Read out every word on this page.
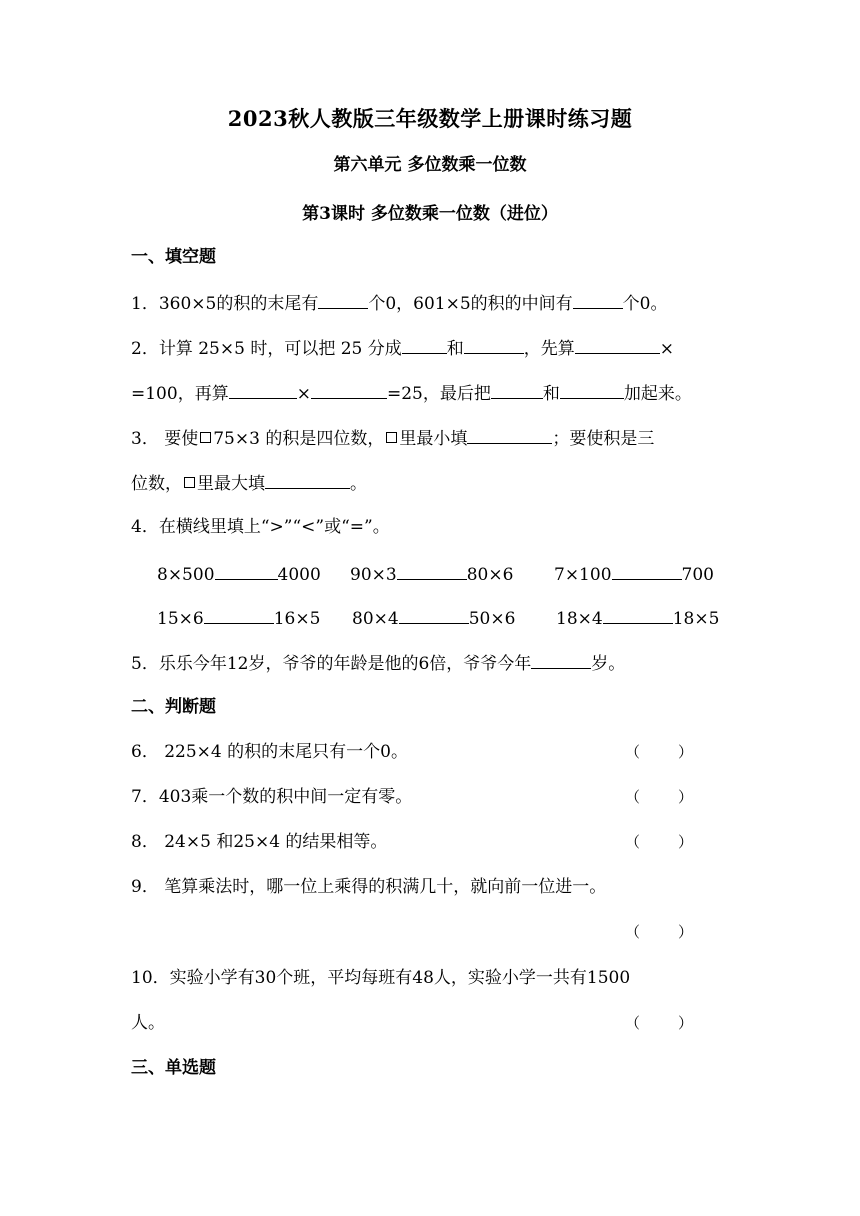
2023秋人教版三年级数学上册课时练习题
第六单元 多位数乘一位数
第3课时 多位数乘一位数（进位）
一、填空题
1．360×5的积的末尾有	个0，601×5的积的中间有	个0。
2．计算 25×5 时，可以把 25 分成	和	，先算	×
=100，再算	×	=25，最后把	和	加起来。
3． 要使 75×3 的积是四位数， 里最小填	；要使积是三
位数， 里最大填	。
4．在横线里填上“>”“<”或“=”。
8×500	4000 90×3	80×6 7×100	700
15×6	16×5 80×4	50×6 18×4	18×5
5．乐乐今年12岁，爷爷的年龄是他的6倍，爷爷今年	岁。
二、判断题
6． 225×4 的积的末尾只有一个0。	（	）
7．403乘一个数的积中间一定有零。	（	）
8． 24×5 和25×4 的结果相等。	（	）
9． 笔算乘法时，哪一位上乘得的积满几十，就向前一位进一。
（	）
10．实验小学有30个班，平均每班有48人，实验小学一共有1500
人。	（	）
三、单选题
